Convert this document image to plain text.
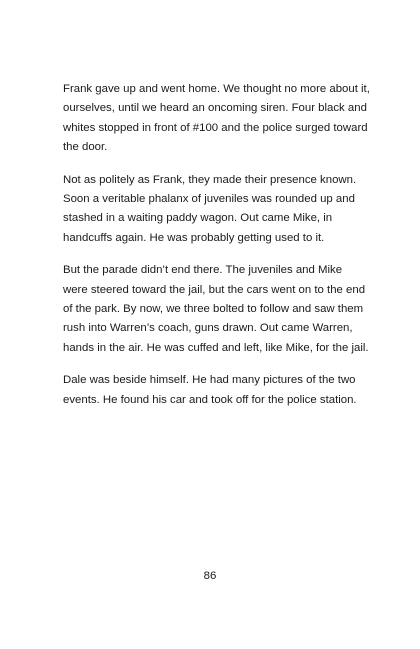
Frank gave up and went home. We thought no more about it,
ourselves, until we heard an oncoming siren. Four black and
whites stopped in front of #100 and the police surged toward
the door.

Not as politely as Frank, they made their presence known.
Soon a veritable phalanx of juveniles was rounded up and
stashed in a waiting paddy wagon. Out came Mike, in
handcuffs again. He was probably getting used to it.

But the parade didn’t end there. The juveniles and Mike
were steered toward the jail, but the cars went on to the end
of the park. By now, we three bolted to follow and saw them
rush into Warren’s coach, guns drawn. Out came Warren,
hands in the air. He was cuffed and left, like Mike, for the jail.

Dale was beside himself. He had many pictures of the two
events. He found his car and took off for the police station.

86
